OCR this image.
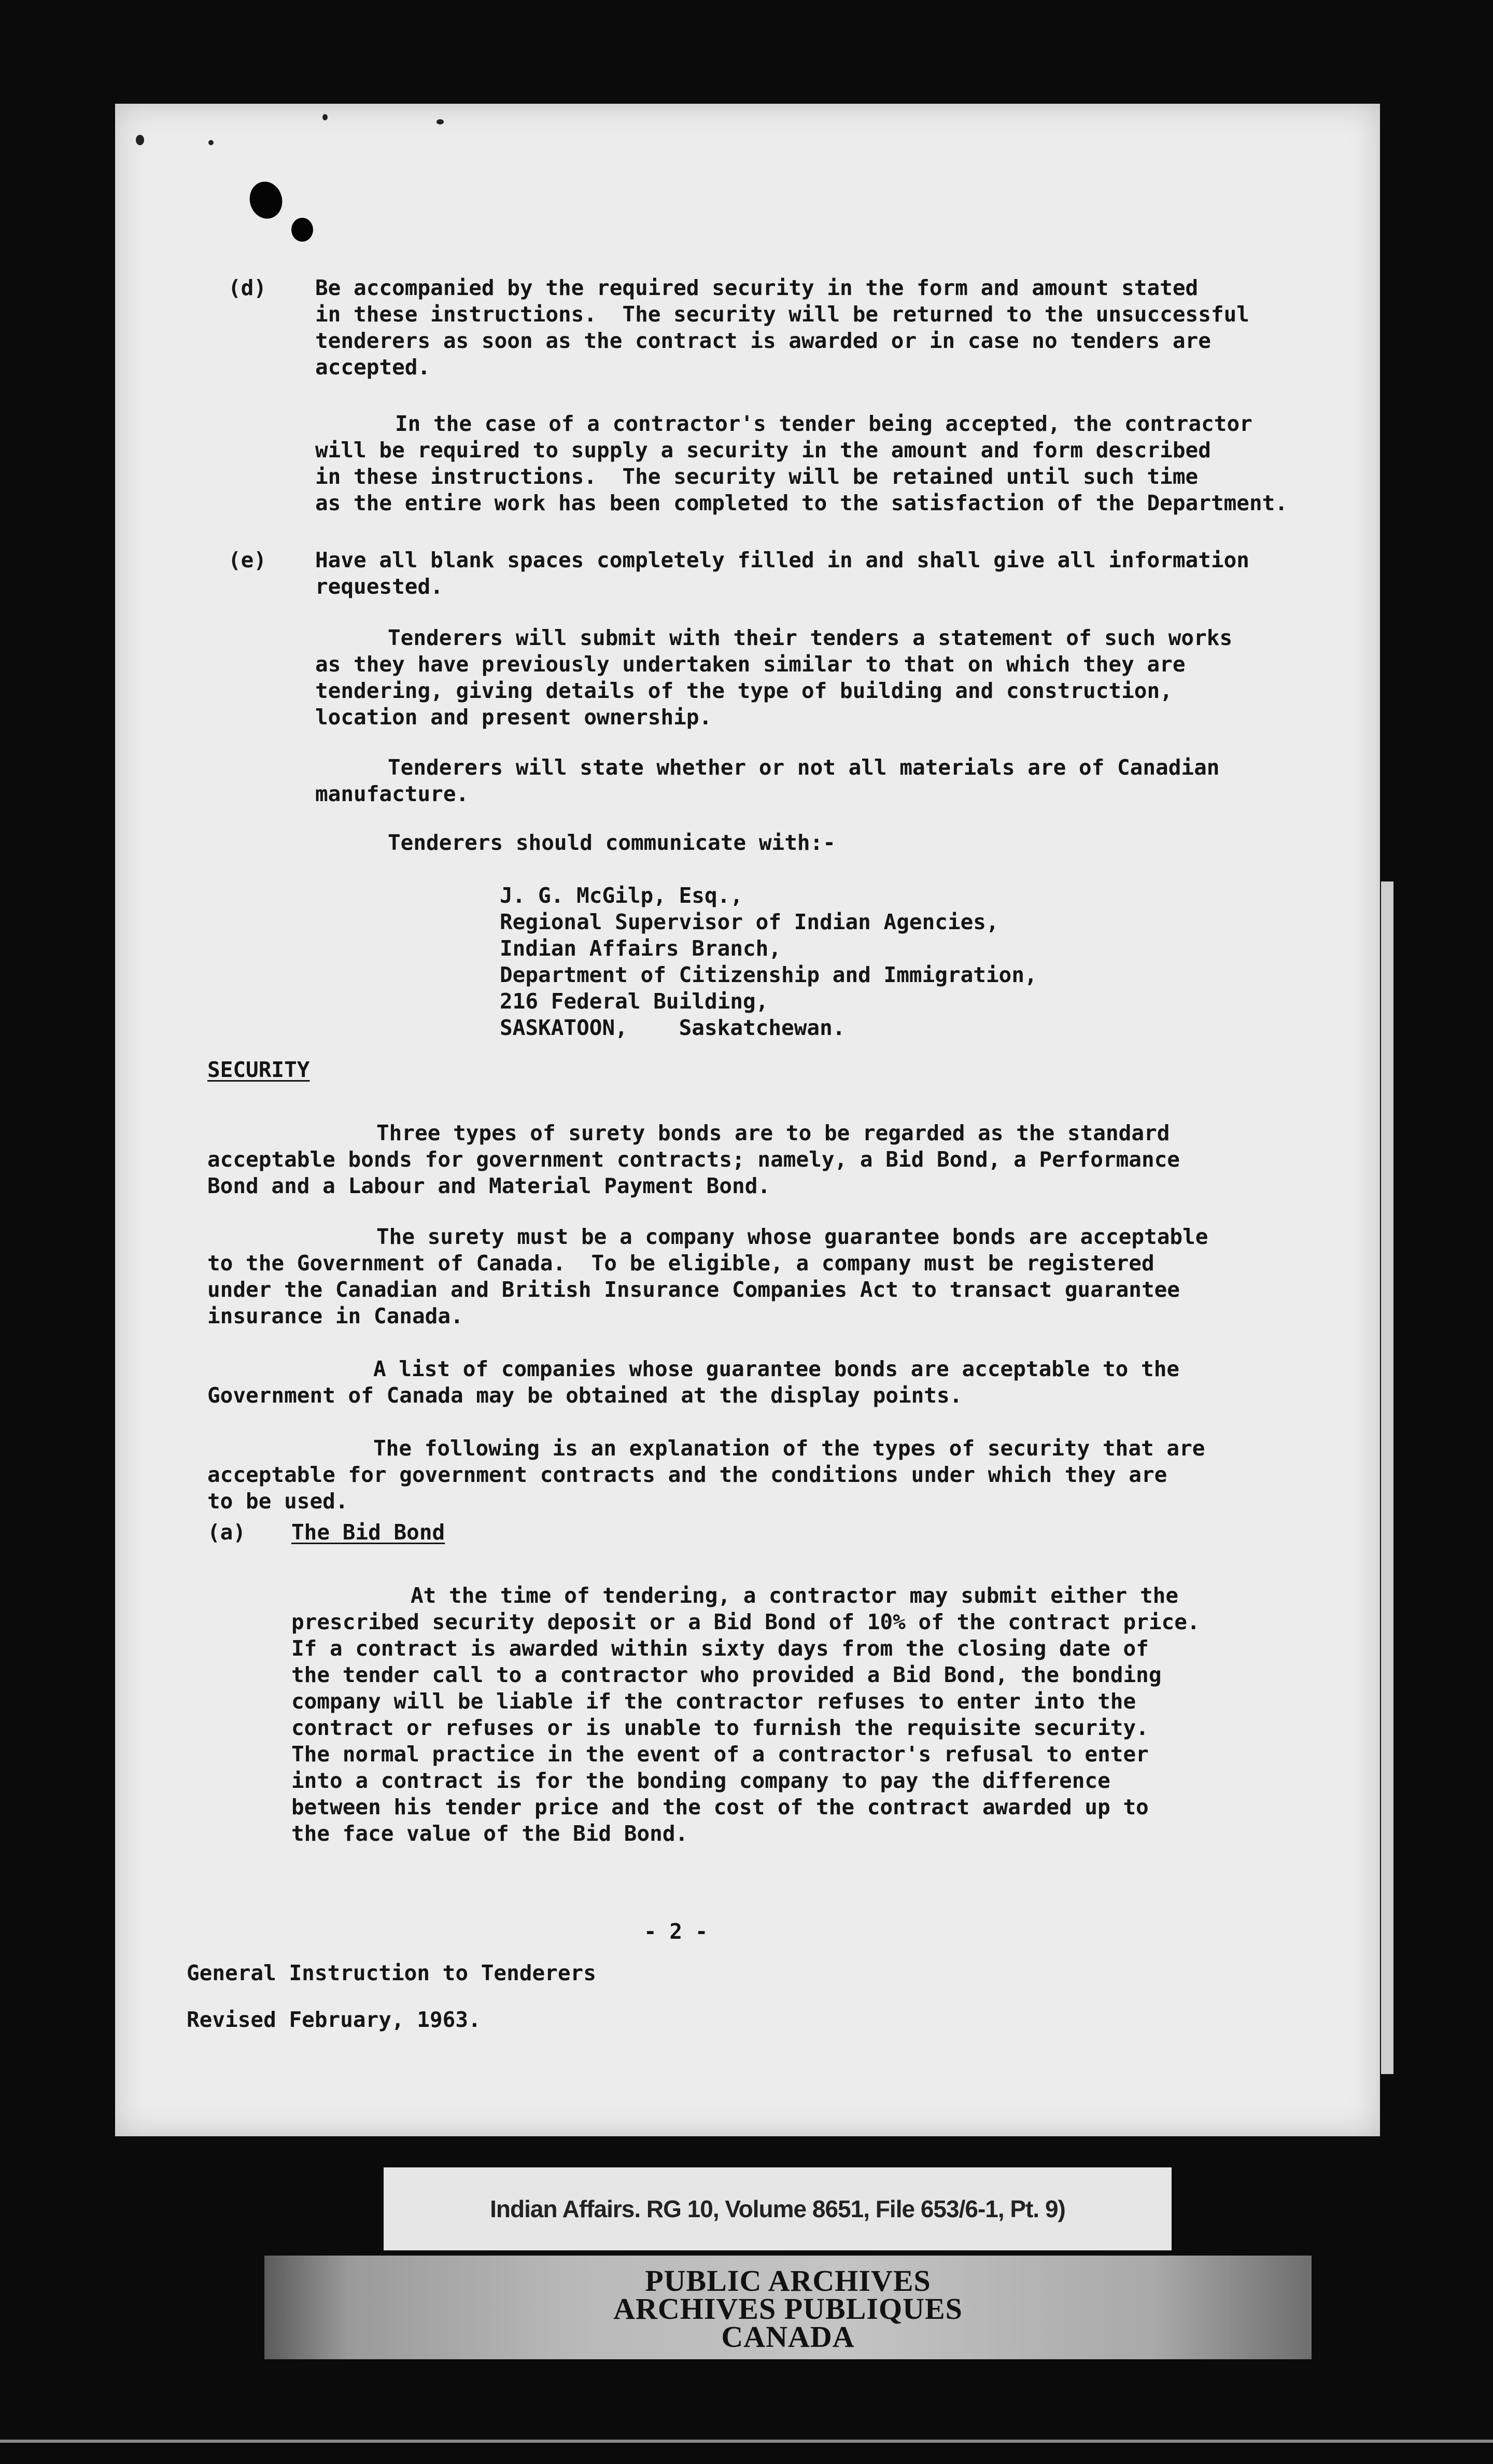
(d) Be accompanied by the required security in the form and amount stated
in these instructions.  The security will be returned to the unsuccessful
tenderers as soon as the contract is awarded or in case no tenders are
accepted.
In the case of a contractor's tender being accepted, the contractor
will be required to supply a security in the amount and form described
in these instructions.  The security will be retained until such time
as the entire work has been completed to the satisfaction of the Department.
(e) Have all blank spaces completely filled in and shall give all information
requested.
Tenderers will submit with their tenders a statement of such works
as they have previously undertaken similar to that on which they are
tendering, giving details of the type of building and construction,
location and present ownership.
Tenderers will state whether or not all materials are of Canadian
manufacture.
Tenderers should communicate with:-
J. G. McGilp, Esq.,
Regional Supervisor of Indian Agencies,
Indian Affairs Branch,
Department of Citizenship and Immigration,
216 Federal Building,
SASKATOON,    Saskatchewan.
SECURITY
Three types of surety bonds are to be regarded as the standard
acceptable bonds for government contracts; namely, a Bid Bond, a Performance
Bond and a Labour and Material Payment Bond.
The surety must be a company whose guarantee bonds are acceptable
to the Government of Canada.  To be eligible, a company must be registered
under the Canadian and British Insurance Companies Act to transact guarantee
insurance in Canada.
A list of companies whose guarantee bonds are acceptable to the
Government of Canada may be obtained at the display points.
The following is an explanation of the types of security that are
acceptable for government contracts and the conditions under which they are
to be used.
(a) The Bid Bond
At the time of tendering, a contractor may submit either the
prescribed security deposit or a Bid Bond of 10% of the contract price.
If a contract is awarded within sixty days from the closing date of
the tender call to a contractor who provided a Bid Bond, the bonding
company will be liable if the contractor refuses to enter into the
contract or refuses or is unable to furnish the requisite security.
The normal practice in the event of a contractor's refusal to enter
into a contract is for the bonding company to pay the difference
between his tender price and the cost of the contract awarded up to
the face value of the Bid Bond.
- 2 -
General Instruction to Tenderers
Revised February, 1963.
Indian Affairs. RG 10, Volume 8651, File 653/6-1, Pt. 9)
PUBLIC ARCHIVES
ARCHIVES PUBLIQUES
CANADA
